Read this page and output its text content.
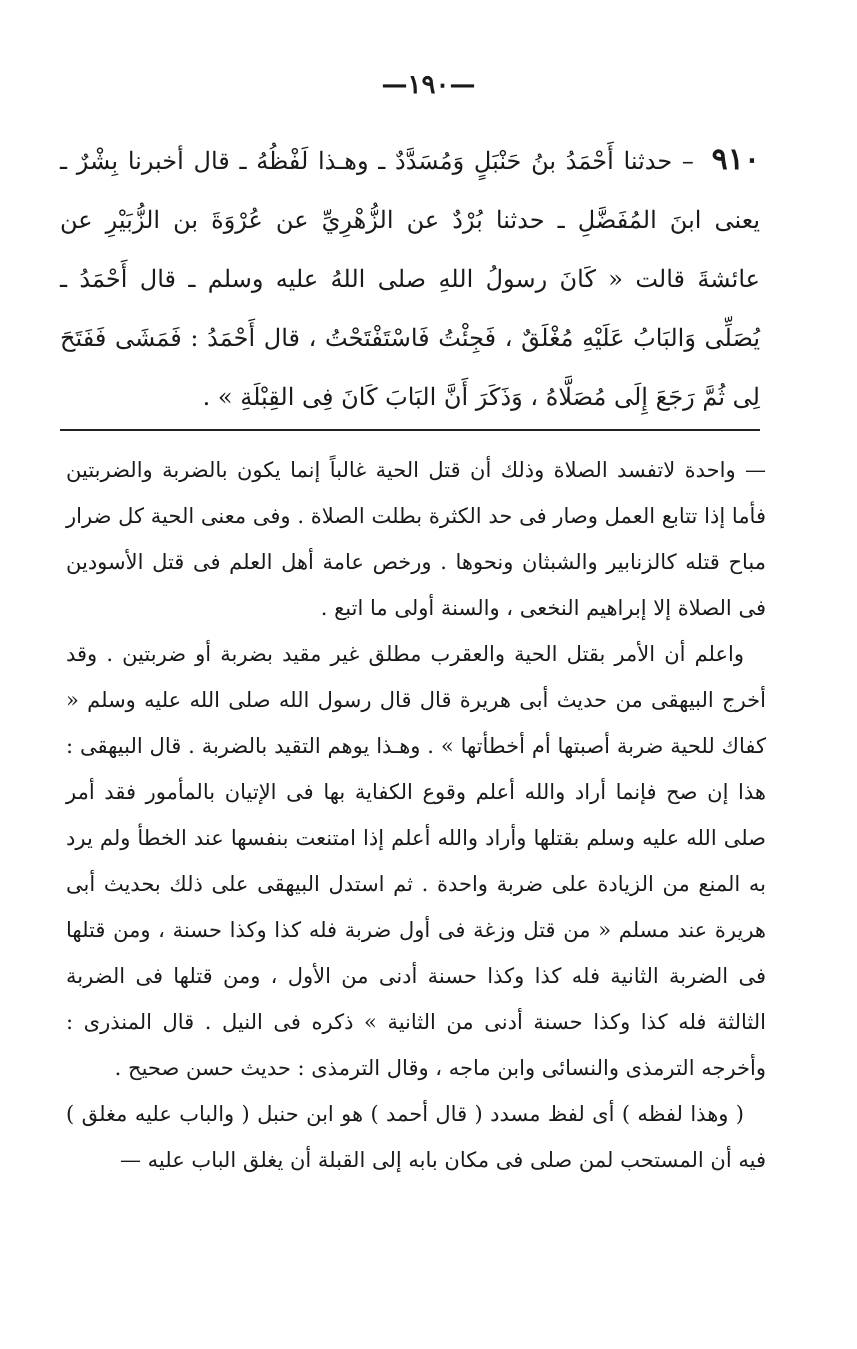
—١٩٠—
٩١٠ – حدثنا أَحْمَدُ بنُ حَنْبَلٍ وَمُسَدَّدٌ ـ وهـذا لَفْظُهُ ـ قال أخبرنا بِشْرٌ ـ يعنى ابنَ المُفَضَّلِ ـ حدثنا بُرْدٌ عن الزُّهْرِيِّ عن عُرْوَةَ بن الزُّبَيْرِ عن عائشةَ قالت « كَانَ رسولُ اللهِ صلى اللهُ عليه وسلم ـ قال أَحْمَدُ ـ يُصَلِّى وَالبَابُ عَلَيْهِ مُغْلَقٌ ، فَجِئْتُ فَاسْتَفْتَحْتُ ، قال أَحْمَدُ : فَمَشَى فَفَتَحَ لِى ثُمَّ رَجَعَ إِلَى مُصَلَّاهُ ، وَذَكَرَ أَنَّ البَابَ كَانَ فِى القِبْلَةِ » .

— واحدة لاتفسد الصلاة وذلك أن قتل الحية غالباً إنما يكون بالضربة والضربتين فأما إذا تتابع العمل وصار فى حد الكثرة بطلت الصلاة . وفى معنى الحية كل ضرار مباح قتله كالزنابير والشبثان ونحوها . ورخص عامة أهل العلم فى قتل الأسودين فى الصلاة إلا إبراهيم النخعى ، والسنة أولى ما اتبع .

واعلم أن الأمر بقتل الحية والعقرب مطلق غير مقيد بضربة أو ضربتين . وقد أخرج البيهقى من حديث أبى هريرة قال قال رسول الله صلى الله عليه وسلم « كفاك للحية ضربة أصبتها أم أخطأتها » . وهـذا يوهم التقيد بالضربة . قال البيهقى : هذا إن صح فإنما أراد والله أعلم وقوع الكفاية بها فى الإتيان بالمأمور فقد أمر صلى الله عليه وسلم بقتلها وأراد والله أعلم إذا امتنعت بنفسها عند الخطأ ولم يرد به المنع من الزيادة على ضربة واحدة . ثم استدل البيهقى على ذلك بحديث أبى هريرة عند مسلم « من قتل وزغة فى أول ضربة فله كذا وكذا حسنة ، ومن قتلها فى الضربة الثانية فله كذا وكذا حسنة أدنى من الأول ، ومن قتلها فى الضربة الثالثة فله كذا وكذا حسنة أدنى من الثانية » ذكره فى النيل . قال المنذرى : وأخرجه الترمذى والنسائى وابن ماجه ، وقال الترمذى : حديث حسن صحيح .

( وهذا لفظه ) أى لفظ مسدد ( قال أحمد ) هو ابن حنبل ( والباب عليه مغلق ) فيه أن المستحب لمن صلى فى مكان بابه إلى القبلة أن يغلق الباب عليه —
